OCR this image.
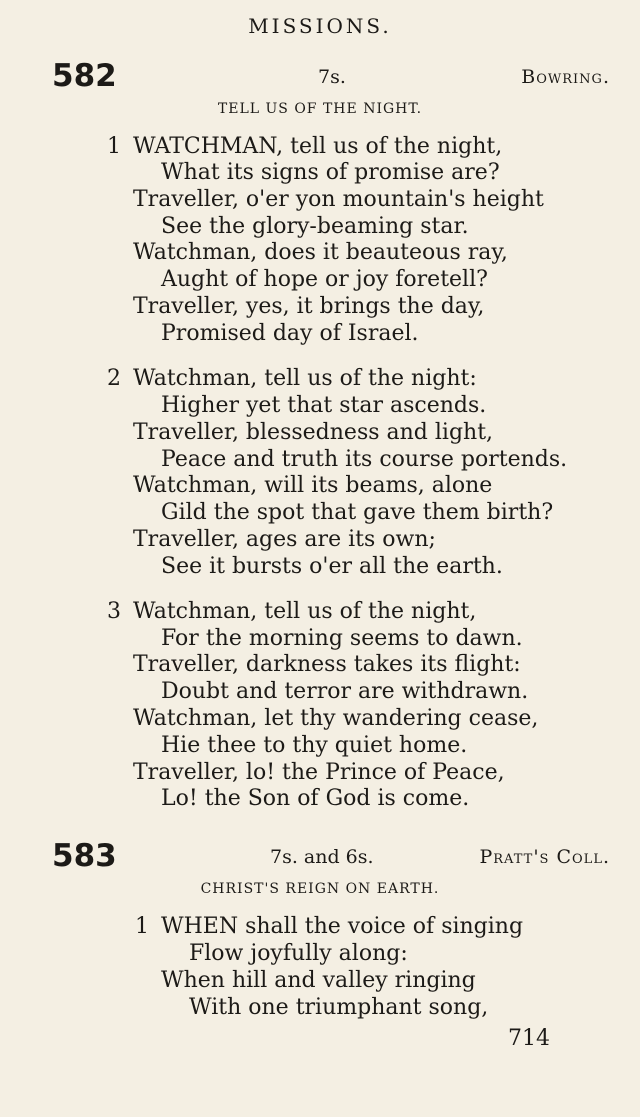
MISSIONS.
582	7s.	Bowring.
TELL US OF THE NIGHT.
1 WATCHMAN, tell us of the night,
What its signs of promise are?
Traveller, o'er yon mountain's height
See the glory-beaming star.
Watchman, does it beauteous ray,
Aught of hope or joy foretell?
Traveller, yes, it brings the day,
Promised day of Israel.
2 Watchman, tell us of the night:
Higher yet that star ascends.
Traveller, blessedness and light,
Peace and truth its course portends.
Watchman, will its beams, alone
Gild the spot that gave them birth?
Traveller, ages are its own;
See it bursts o'er all the earth.
3 Watchman, tell us of the night,
For the morning seems to dawn.
Traveller, darkness takes its flight:
Doubt and terror are withdrawn.
Watchman, let thy wandering cease,
Hie thee to thy quiet home.
Traveller, lo! the Prince of Peace,
Lo! the Son of God is come.
583	7s. and 6s.	Pratt's Coll.
CHRIST'S REIGN ON EARTH.
1 WHEN shall the voice of singing
Flow joyfully along:
When hill and valley ringing
With one triumphant song,
714
